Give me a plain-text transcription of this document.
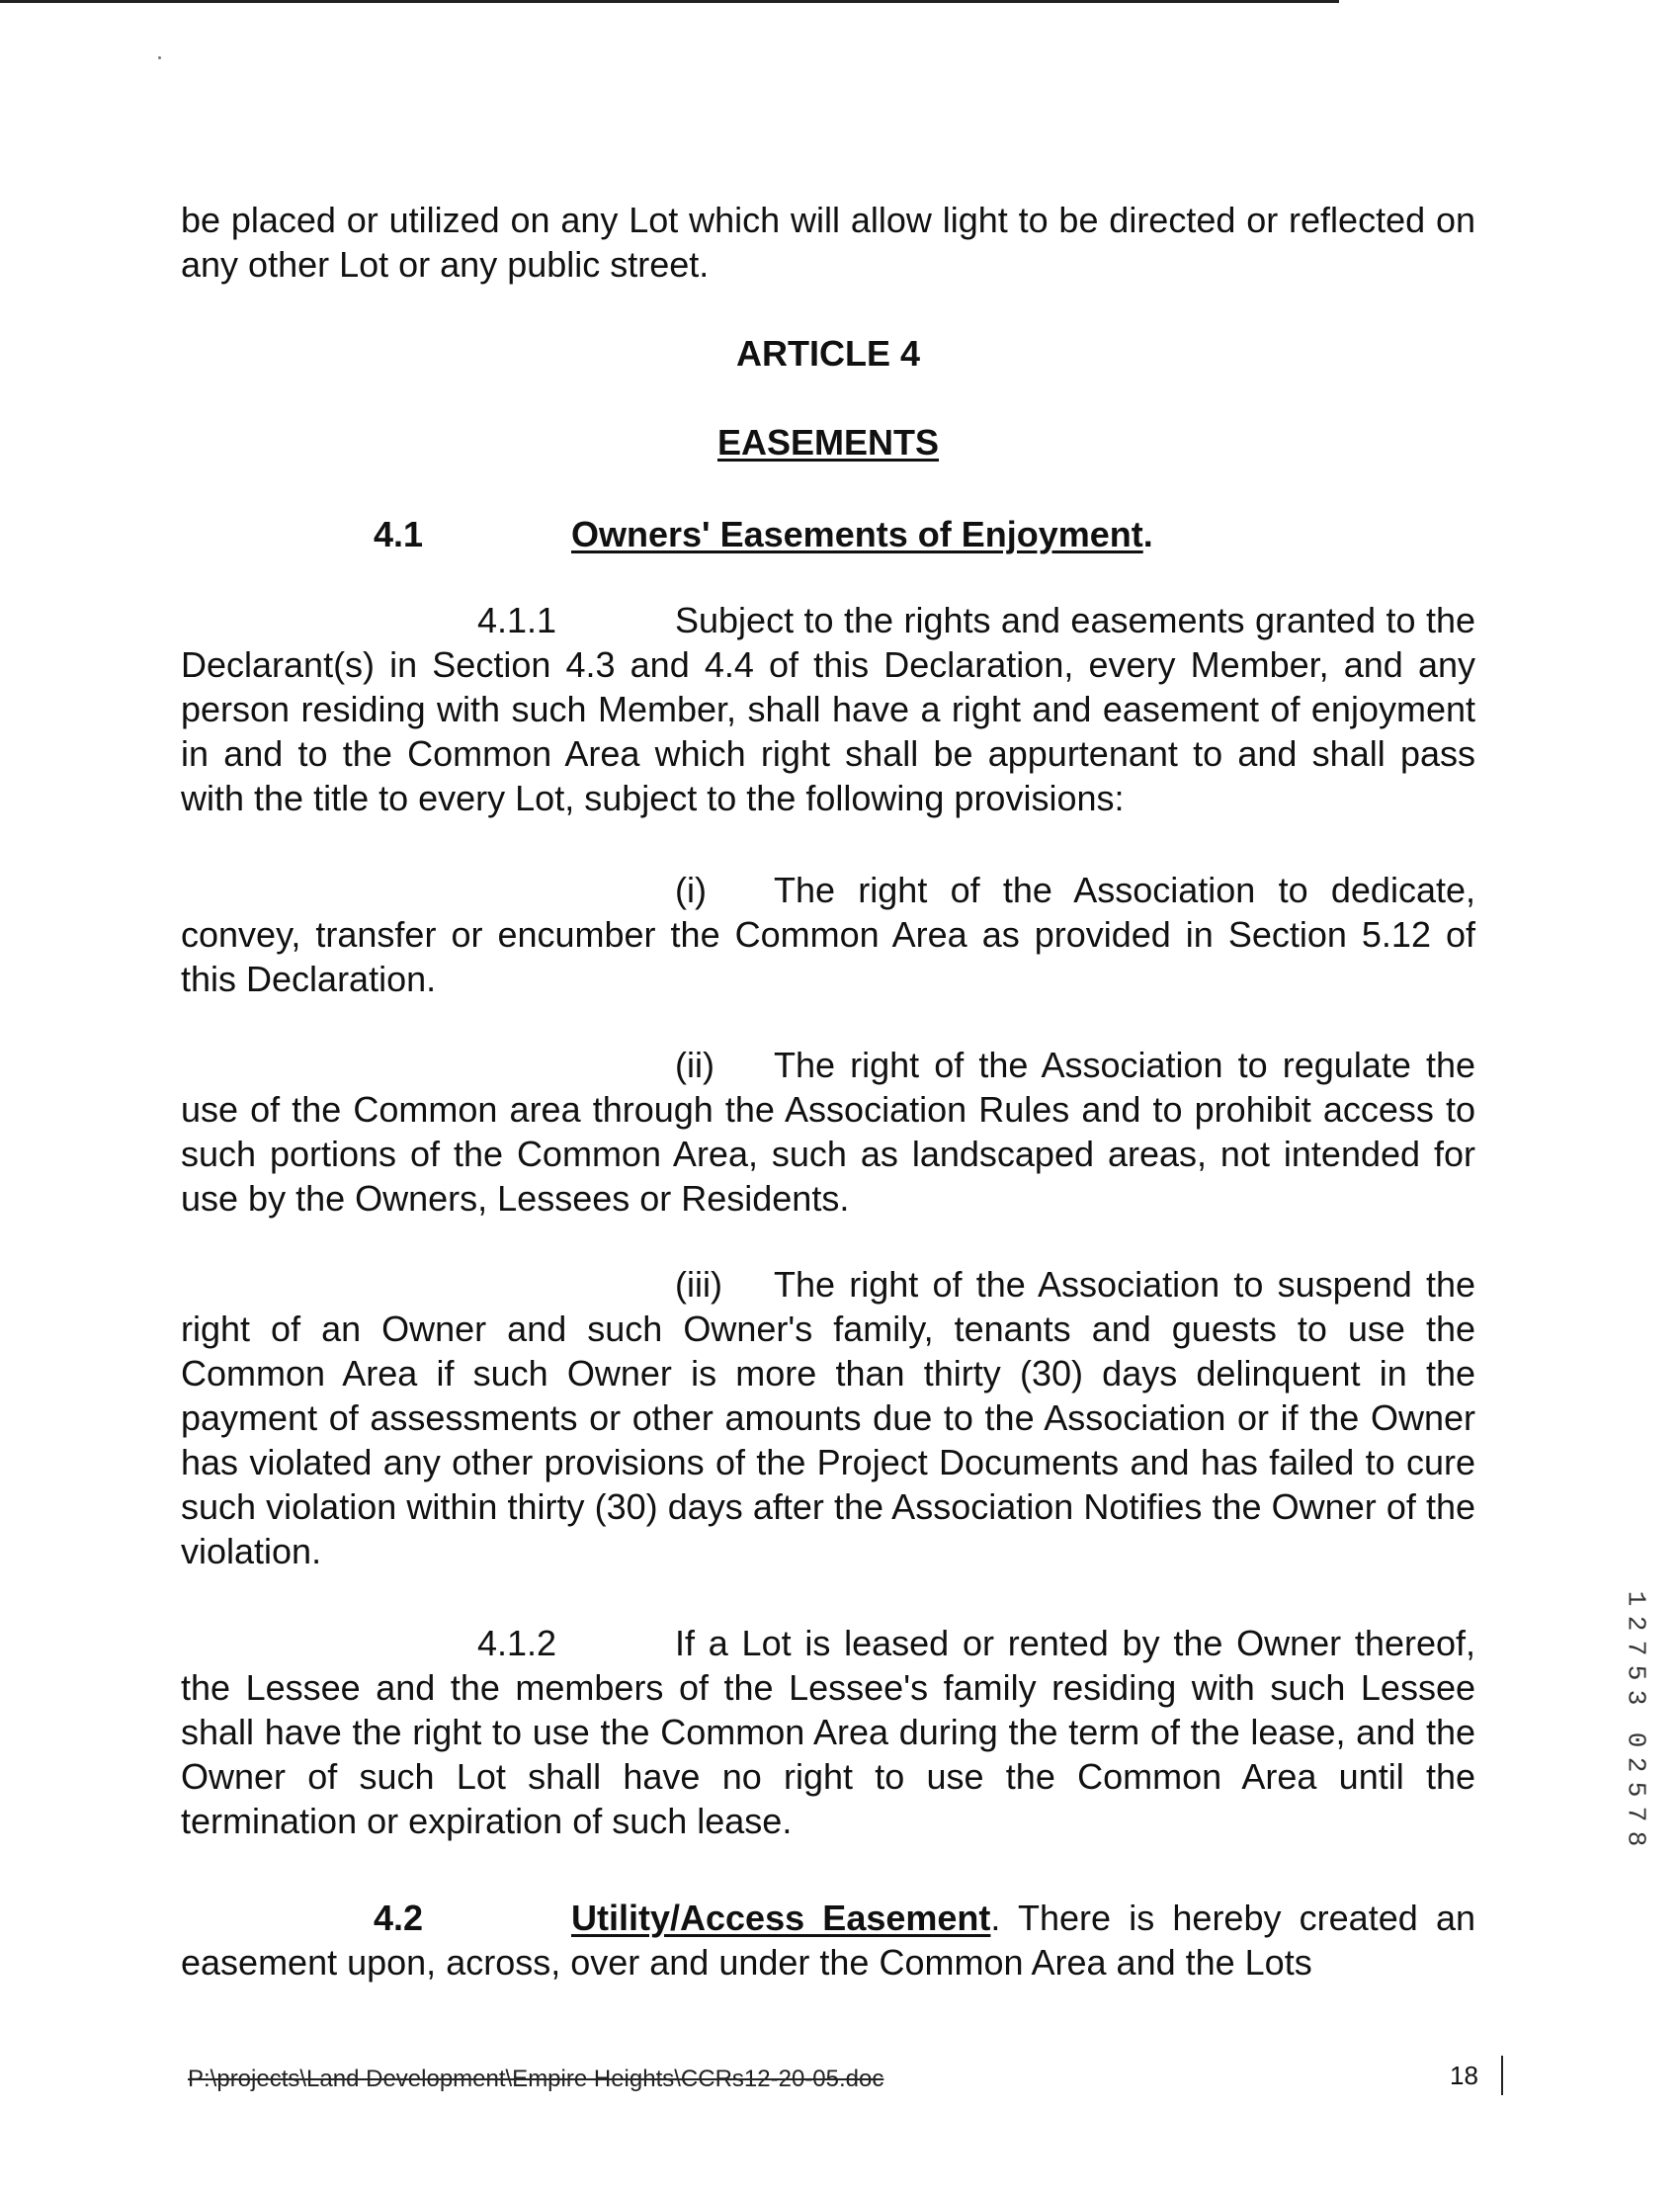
be placed or utilized on any Lot which will allow light to be directed or reflected on any other Lot or any public street.

ARTICLE 4
EASEMENTS
4.1	Owners' Easements of Enjoyment.
4.1.1	Subject to the rights and easements granted to the Declarant(s) in Section 4.3 and 4.4 of this Declaration, every Member, and any person residing with such Member, shall have a right and easement of enjoyment in and to the Common Area which right shall be appurtenant to and shall pass with the title to every Lot, subject to the following provisions:
(i) The right of the Association to dedicate, convey, transfer or encumber the Common Area as provided in Section 5.12 of this Declaration.
(ii) The right of the Association to regulate the use of the Common area through the Association Rules and to prohibit access to such portions of the Common Area, such as landscaped areas, not intended for use by the Owners, Lessees or Residents.
(iii) The right of the Association to suspend the right of an Owner and such Owner's family, tenants and guests to use the Common Area if such Owner is more than thirty (30) days delinquent in the payment of assessments or other amounts due to the Association or if the Owner has violated any other provisions of the Project Documents and has failed to cure such violation within thirty (30) days after the Association Notifies the Owner of the violation.
4.1.2	If a Lot is leased or rented by the Owner thereof, the Lessee and the members of the Lessee's family residing with such Lessee shall have the right to use the Common Area during the term of the lease, and the Owner of such Lot shall have no right to use the Common Area until the termination or expiration of such lease.
4.2	Utility/Access Easement. There is hereby created an easement upon, across, over and under the Common Area and the Lots
P:\projects\Land Development\Empire Heights\CCRs12-20-05.doc	18
1
2
7
5
3
0
2
5
7
8
